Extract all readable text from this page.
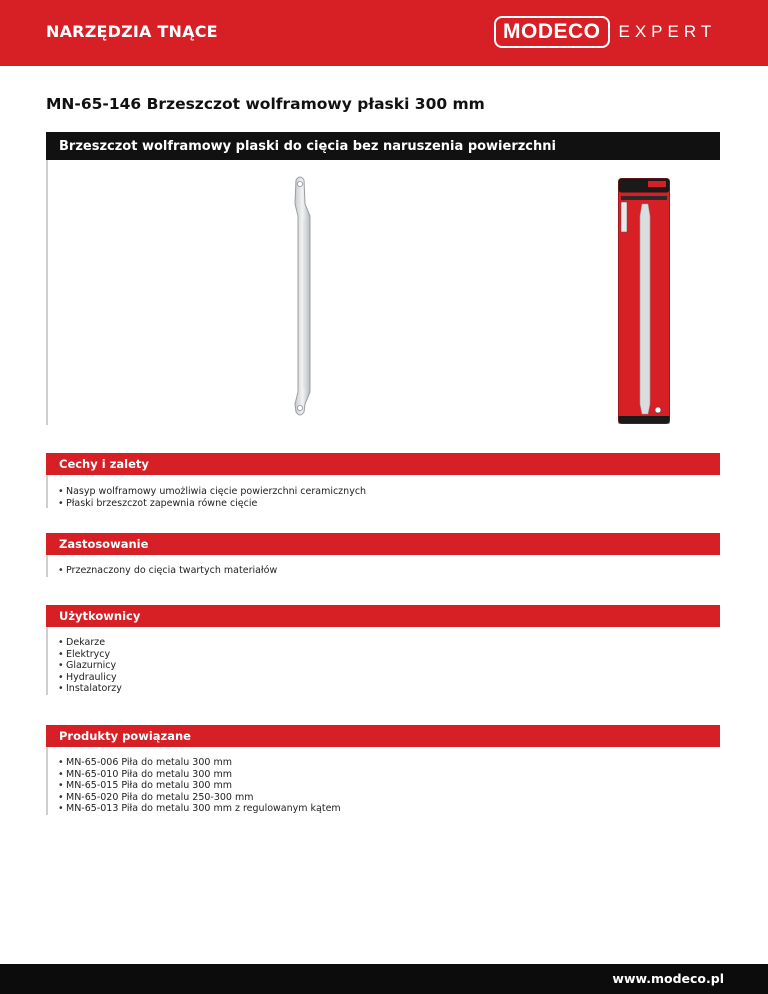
NARZĘDZIA TNĄCE	MODECO	EXPERT
MN-65-146 Brzeszczot wolframowy płaski 300 mm
Brzeszczot wolframowy plaski do cięcia bez naruszenia powierzchni
Cechy i zalety
• Nasyp wolframowy umożliwia cięcie powierzchni ceramicznych
• Płaski brzeszczot zapewnia równe cięcie
Zastosowanie
• Przeznaczony do cięcia twartych materiałów
Użytkownicy
• Dekarze
• Elektrycy
• Glazurnicy
• Hydraulicy
• Instalatorzy
Produkty powiązane
• MN-65-006 Piła do metalu 300 mm
• MN-65-010 Piła do metalu 300 mm
• MN-65-015 Piła do metalu 300 mm
• MN-65-020 Piła do metalu 250-300 mm
• MN-65-013 Piła do metalu 300 mm z regulowanym kątem
www.modeco.pl
